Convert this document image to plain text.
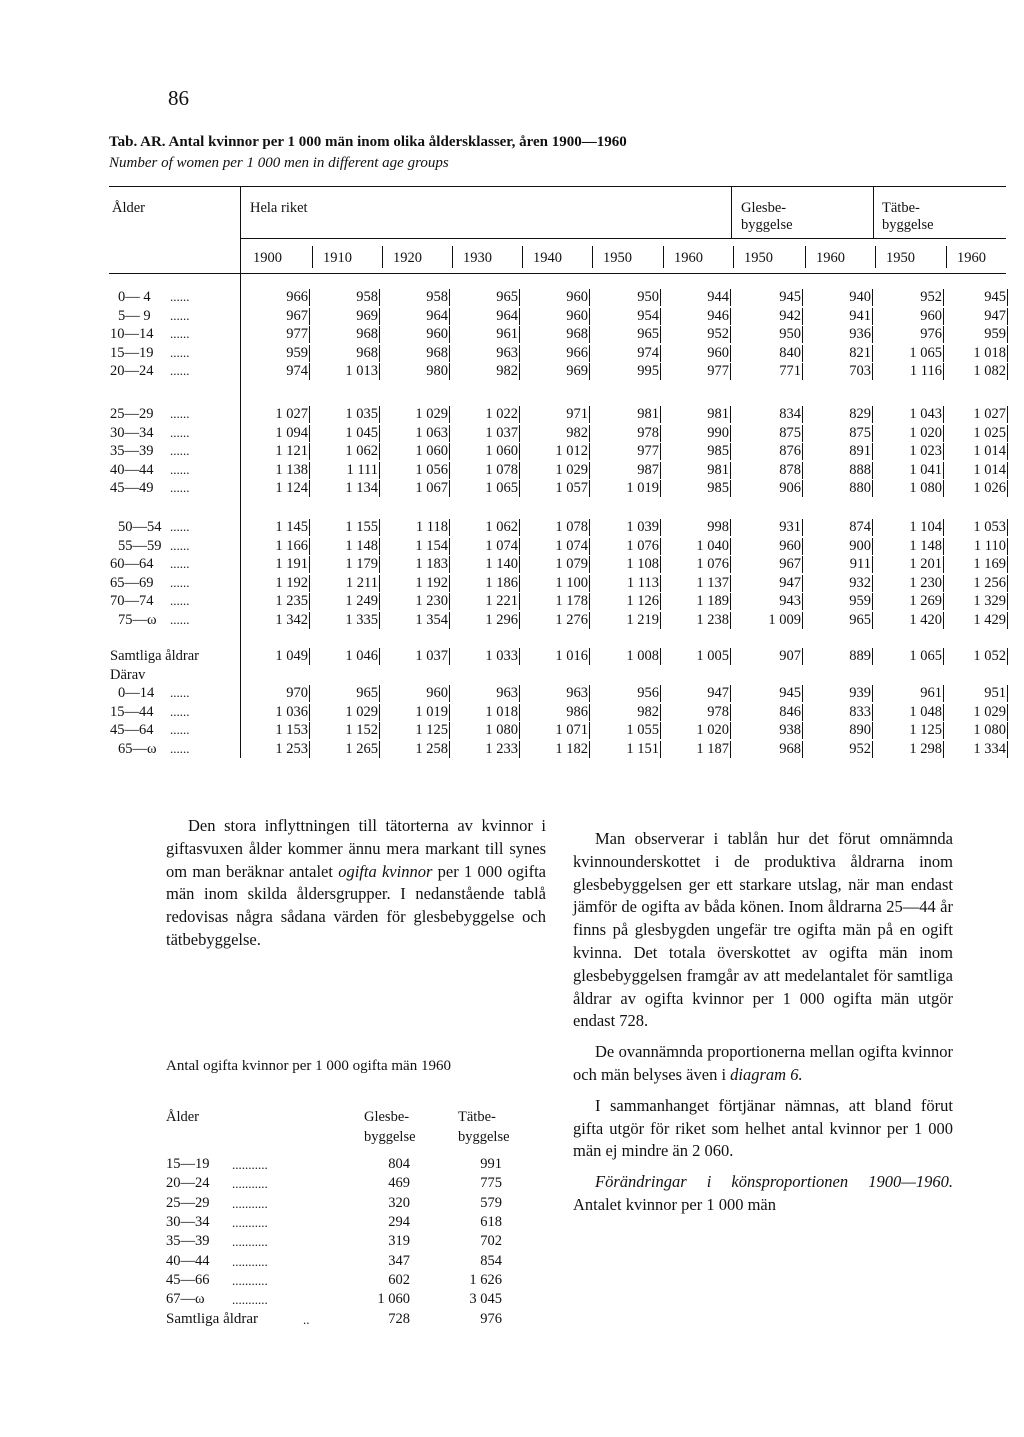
86
Tab. AR. Antal kvinnor per 1 000 män inom olika åldersklasser, åren 1900—1960
Number of women per 1 000 men in different age groups
Ålder	Hela riket	Glesbe-
byggelse
Tätbe-
byggelse
1900	1910	1920	1930	1940	1950	1960	1950	1960	1950	1960
0— 4 ......	966	958	958	965	960	950	944	945	940	952	945
5— 9 ......	967	969	964	964	960	954	946	942	941	960	947
10—14 ......	977	968	960	961	968	965	952	950	936	976	959
15—19 ......	959	968	968	963	966	974	960	840	821	1 065	1 018
20—24 ......	974	1 013	980	982	969	995	977	771	703	1 116	1 082
25—29 ......	1 027	1 035	1 029	1 022	971	981	981	834	829	1 043	1 027
30—34 ......	1 094	1 045	1 063	1 037	982	978	990	875	875	1 020	1 025
35—39 ......	1 121	1 062	1 060	1 060	1 012	977	985	876	891	1 023	1 014
40—44 ......	1 138	1 111	1 056	1 078	1 029	987	981	878	888	1 041	1 014
45—49 ......	1 124	1 134	1 067	1 065	1 057	1 019	985	906	880	1 080	1 026
50—54 ......	1 145	1 155	1 118	1 062	1 078	1 039	998	931	874	1 104	1 053
55—59 ......	1 166	1 148	1 154	1 074	1 074	1 076	1 040	960	900	1 148	1 110
60—64 ......	1 191	1 179	1 183	1 140	1 079	1 108	1 076	967	911	1 201	1 169
65—69 ......	1 192	1 211	1 192	1 186	1 100	1 113	1 137	947	932	1 230	1 256
70—74 ......	1 235	1 249	1 230	1 221	1 178	1 126	1 189	943	959	1 269	1 329
75—ω ......	1 342	1 335	1 354	1 296	1 276	1 219	1 238	1 009	965	1 420	1 429
Samtliga åldrar	1 049	1 046	1 037	1 033	1 016	1 008	1 005	907	889	1 065	1 052
Därav
0—14 ......	970	965	960	963	963	956	947	945	939	961	951
15—44 ......	1 036	1 029	1 019	1 018	986	982	978	846	833	1 048	1 029
45—64 ......	1 153	1 152	1 125	1 080	1 071	1 055	1 020	938	890	1 125	1 080
65—ω ......	1 253	1 265	1 258	1 233	1 182	1 151	1 187	968	952	1 298	1 334

Den stora inflyttningen till tätorterna av kvinnor i giftasvuxen ålder kommer ännu mera markant till synes om man beräknar antalet ogifta kvinnor per 1 000 ogifta män inom skilda åldersgrupper. I nedanstående tablå redovisas några sådana värden för glesbebyggelse och tätbebyggelse.

Antal ogifta kvinnor per 1 000 ogifta män 1960
Ålder	Glesbe-
byggelse
Tätbe-
byggelse
15—19 ...........	804	991
20—24 ...........	469	775
25—29 ...........	320	579
30—34 ...........	294	618
35—39 ...........	319	702
40—44 ...........	347	854
45—66 ...........	602	1 626
67—ω ...........	1 060	3 045
Samtliga åldrar	..	728	976

Man observerar i tablån hur det förut omnämnda kvinnounderskottet i de produktiva åldrarna inom glesbebyggelsen ger ett starkare utslag, när man endast jämför de ogifta av båda könen. Inom åldrarna 25—44 år finns på glesbygden ungefär tre ogifta män på en ogift kvinna. Det totala överskottet av ogifta män inom glesbebyggelsen framgår av att medelantalet för samtliga åldrar av ogifta kvinnor per 1 000 ogifta män utgör endast 728.

De ovannämnda proportionerna mellan ogifta kvinnor och män belyses även i diagram 6.

I sammanhanget förtjänar nämnas, att bland förut gifta utgör för riket som helhet antal kvinnor per 1 000 män ej mindre än 2 060.

Förändringar i könsproportionen 1900—1960. Antalet kvinnor per 1 000 män
